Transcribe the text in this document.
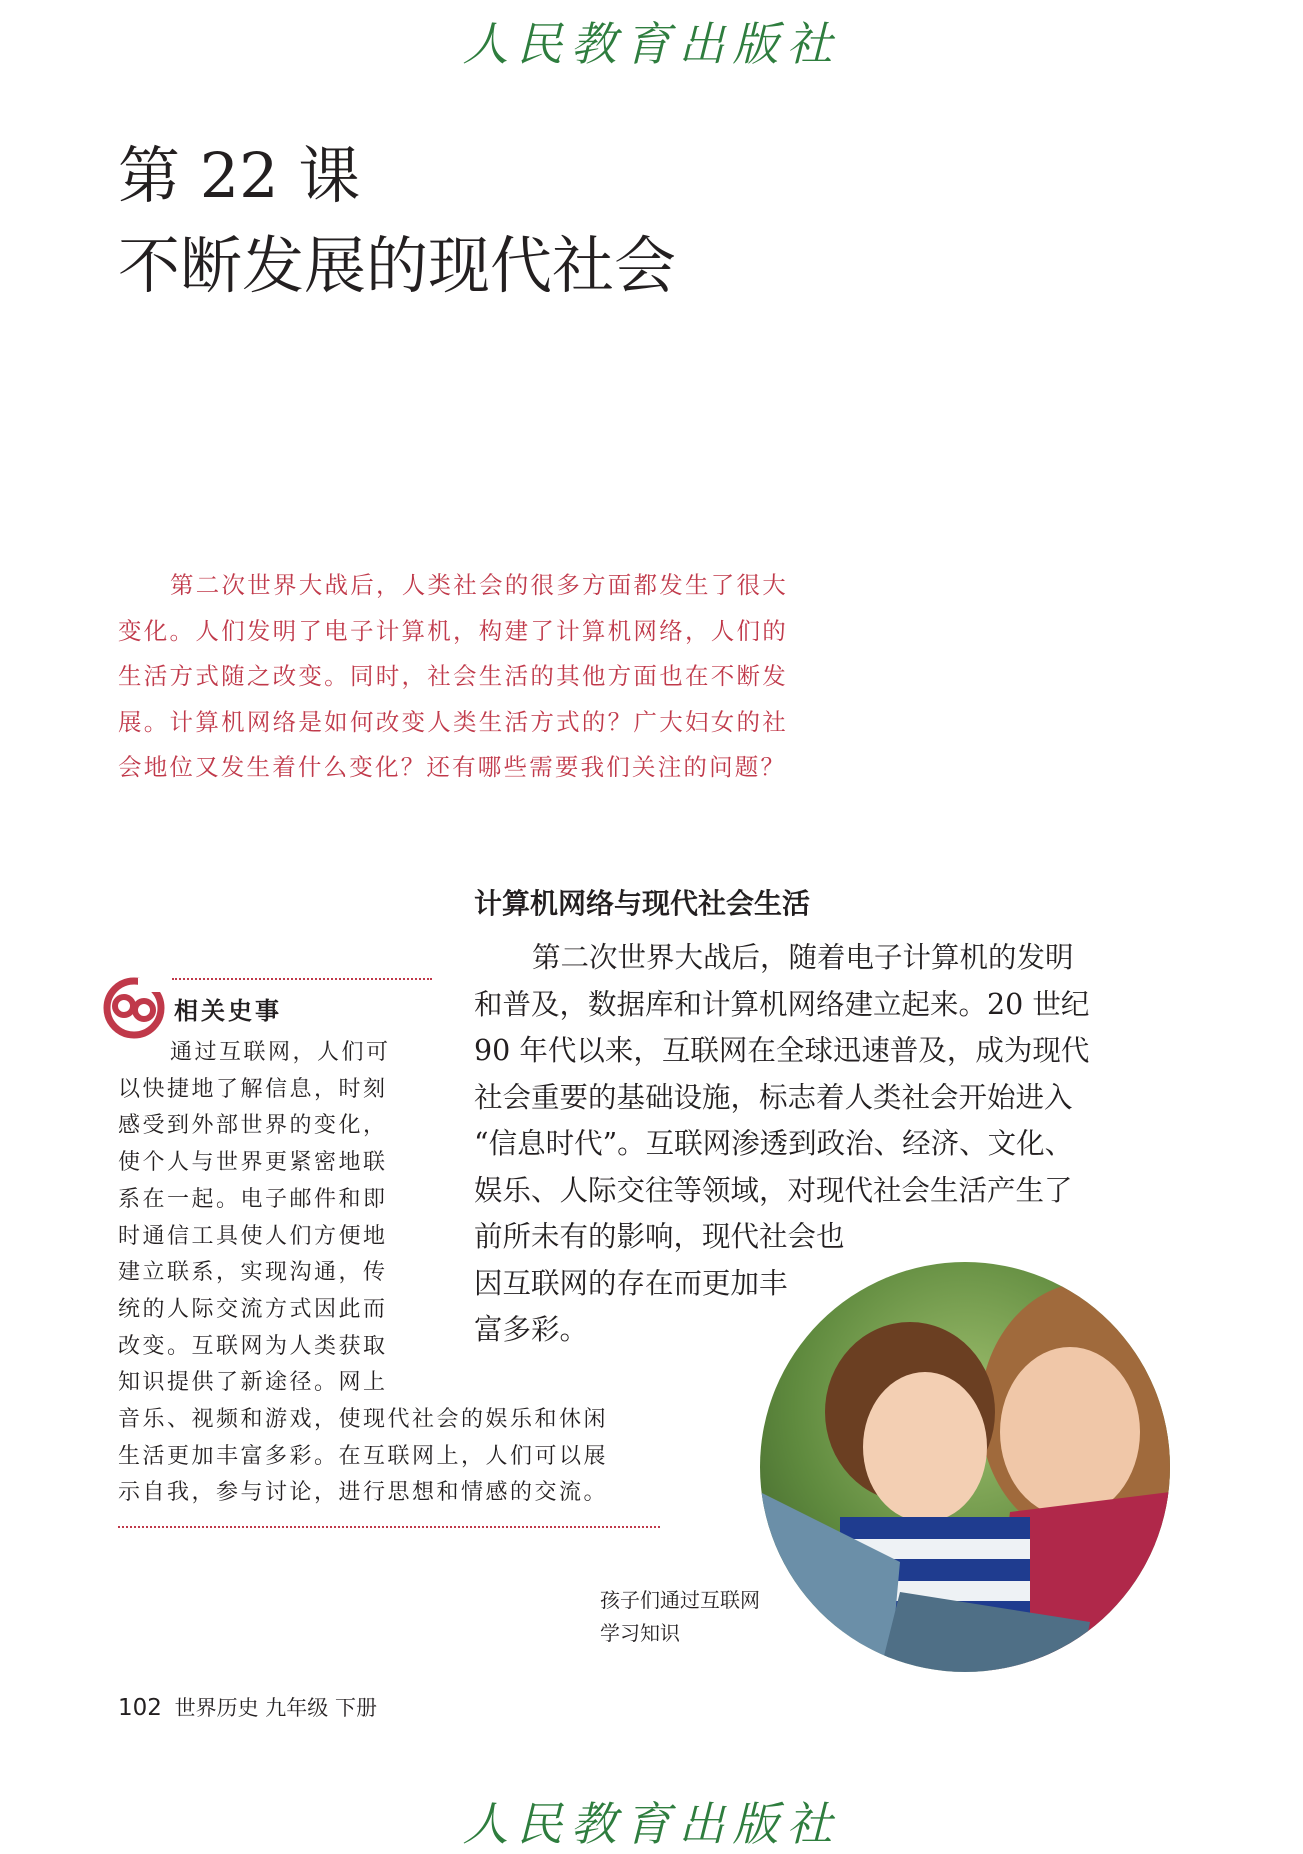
人民教育出版社
第 22 课
不断发展的现代社会
第二次世界大战后，人类社会的很多方面都发生了很大变化。人们发明了电子计算机，构建了计算机网络，人们的生活方式随之改变。同时，社会生活的其他方面也在不断发展。计算机网络是如何改变人类生活方式的？广大妇女的社会地位又发生着什么变化？还有哪些需要我们关注的问题？
计算机网络与现代社会生活
第二次世界大战后，随着电子计算机的发明
和普及，数据库和计算机网络建立起来。20 世纪
90 年代以来，互联网在全球迅速普及，成为现代
社会重要的基础设施，标志着人类社会开始进入
“信息时代”。互联网渗透到政治、经济、文化、
娱乐、人际交往等领域，对现代社会生活产生了
前所未有的影响，现代社会也
因互联网的存在而更加丰
富多彩。
相关史事
通过互联网，人们可
以快捷地了解信息，时刻
感受到外部世界的变化，
使个人与世界更紧密地联
系在一起。电子邮件和即
时通信工具使人们方便地
建立联系，实现沟通，传
统的人际交流方式因此而
改变。互联网为人类获取
知识提供了新途径。网上
音乐、视频和游戏，使现代社会的娱乐和休闲
生活更加丰富多彩。在互联网上，人们可以展
示自我，参与讨论，进行思想和情感的交流。
孩子们通过互联网
学习知识
102 世界历史 九年级 下册
人民教育出版社
